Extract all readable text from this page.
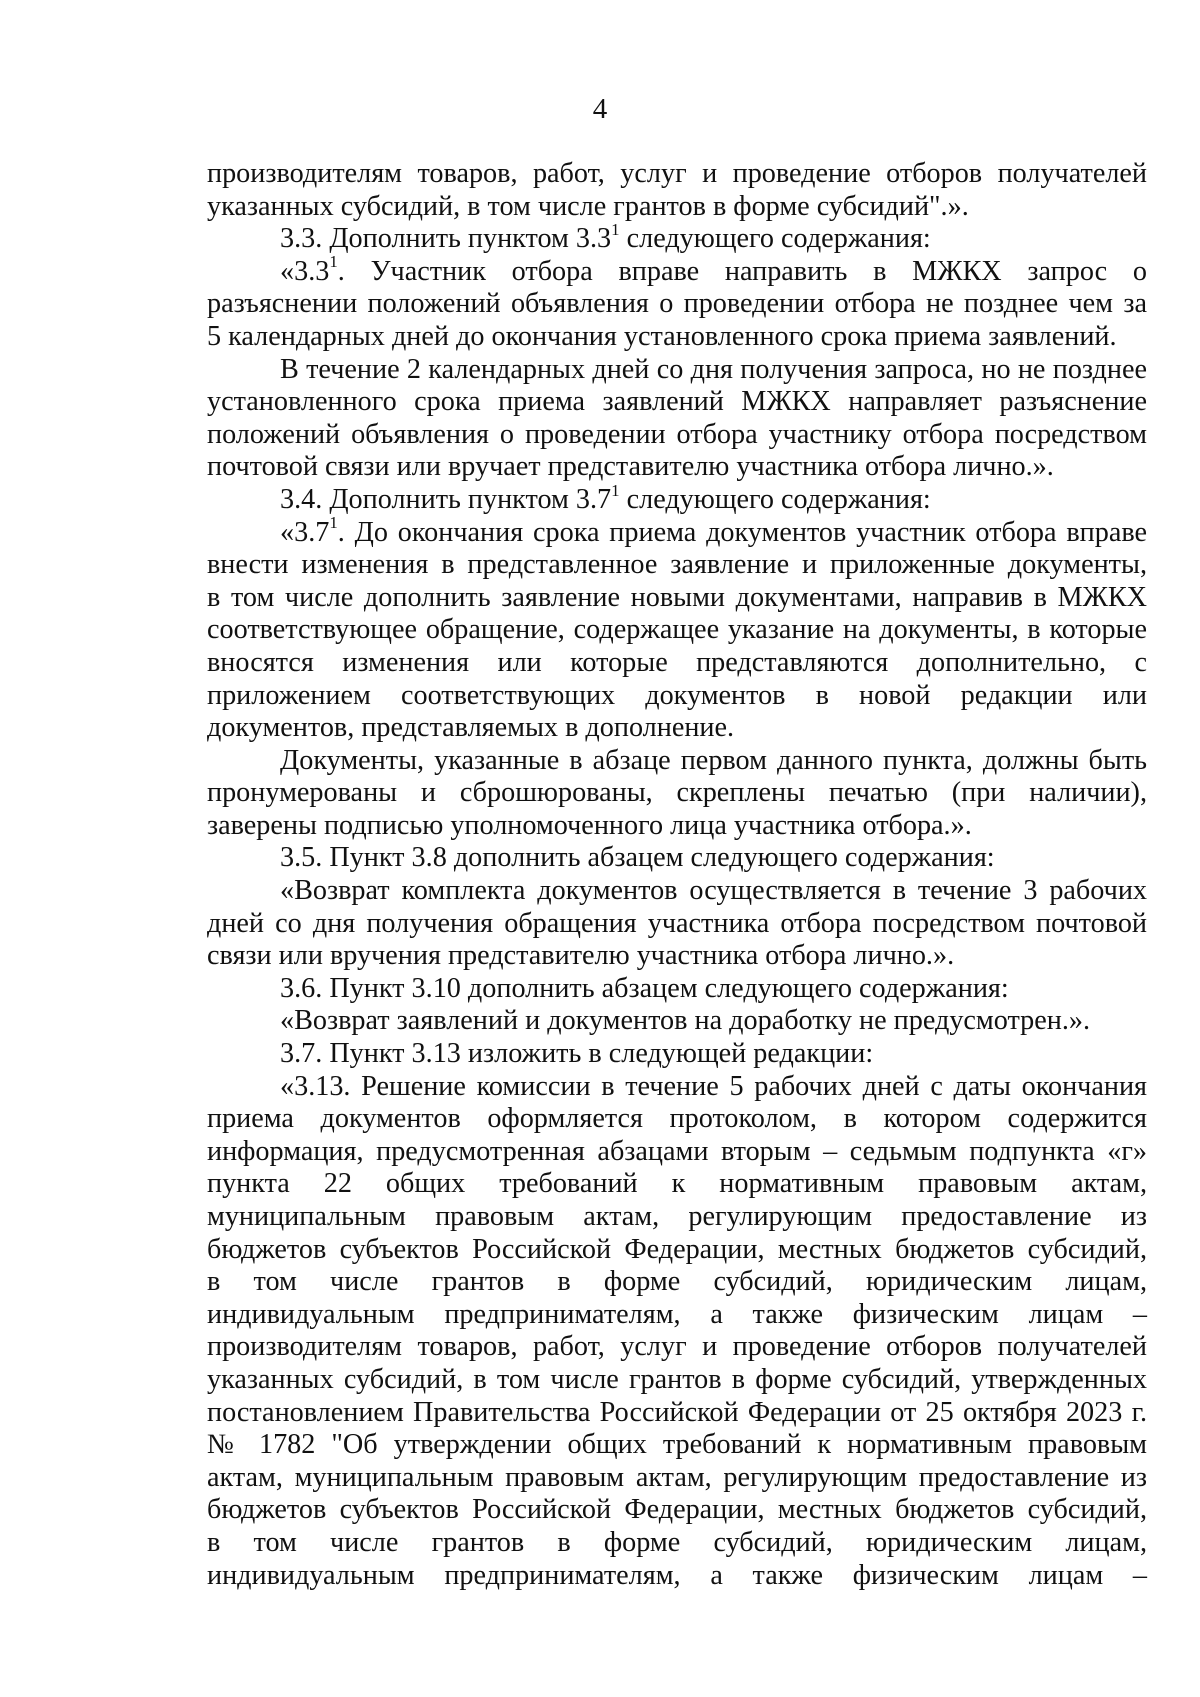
4
производителям товаров, работ, услуг и проведение отборов получателей
указанных субсидий, в том числе грантов в форме субсидий".».
3.3. Дополнить пунктом $3.3^1$ следующего содержания:
«$3.3^1$. Участник отбора вправе направить в МЖКХ запрос о
разъяснении положений объявления о проведении отбора не позднее чем за
5 календарных дней до окончания установленного срока приема заявлений.
В течение 2 календарных дней со дня получения запроса, но не позднее
установленного срока приема заявлений МЖКХ направляет разъяснение
положений объявления о проведении отбора участнику отбора посредством
почтовой связи или вручает представителю участника отбора лично.».
3.4. Дополнить пунктом $3.7^1$ следующего содержания:
«$3.7^1$. До окончания срока приема документов участник отбора вправе
внести изменения в представленное заявление и приложенные документы,
в том числе дополнить заявление новыми документами, направив в МЖКХ
соответствующее обращение, содержащее указание на документы, в которые
вносятся изменения или которые представляются дополнительно, с
приложением соответствующих документов в новой редакции или
документов, представляемых в дополнение.
Документы, указанные в абзаце первом данного пункта, должны быть
пронумерованы и сброшюрованы, скреплены печатью (при наличии),
заверены подписью уполномоченного лица участника отбора.».
3.5. Пункт 3.8 дополнить абзацем следующего содержания:
«Возврат комплекта документов осуществляется в течение 3 рабочих
дней со дня получения обращения участника отбора посредством почтовой
связи или вручения представителю участника отбора лично.».
3.6. Пункт 3.10 дополнить абзацем следующего содержания:
«Возврат заявлений и документов на доработку не предусмотрен.».
3.7. Пункт 3.13 изложить в следующей редакции:
«3.13. Решение комиссии в течение 5 рабочих дней с даты окончания
приема документов оформляется протоколом, в котором содержится
информация, предусмотренная абзацами вторым – седьмым подпункта «г»
пункта 22 общих требований к нормативным правовым актам,
муниципальным правовым актам, регулирующим предоставление из
бюджетов субъектов Российской Федерации, местных бюджетов субсидий,
в том числе грантов в форме субсидий, юридическим лицам,
индивидуальным предпринимателям, а также физическим лицам –
производителям товаров, работ, услуг и проведение отборов получателей
указанных субсидий, в том числе грантов в форме субсидий, утвержденных
постановлением Правительства Российской Федерации от 25 октября 2023 г.
№ 1782 "Об утверждении общих требований к нормативным правовым
актам, муниципальным правовым актам, регулирующим предоставление из
бюджетов субъектов Российской Федерации, местных бюджетов субсидий,
в том числе грантов в форме субсидий, юридическим лицам,
индивидуальным предпринимателям, а также физическим лицам –
